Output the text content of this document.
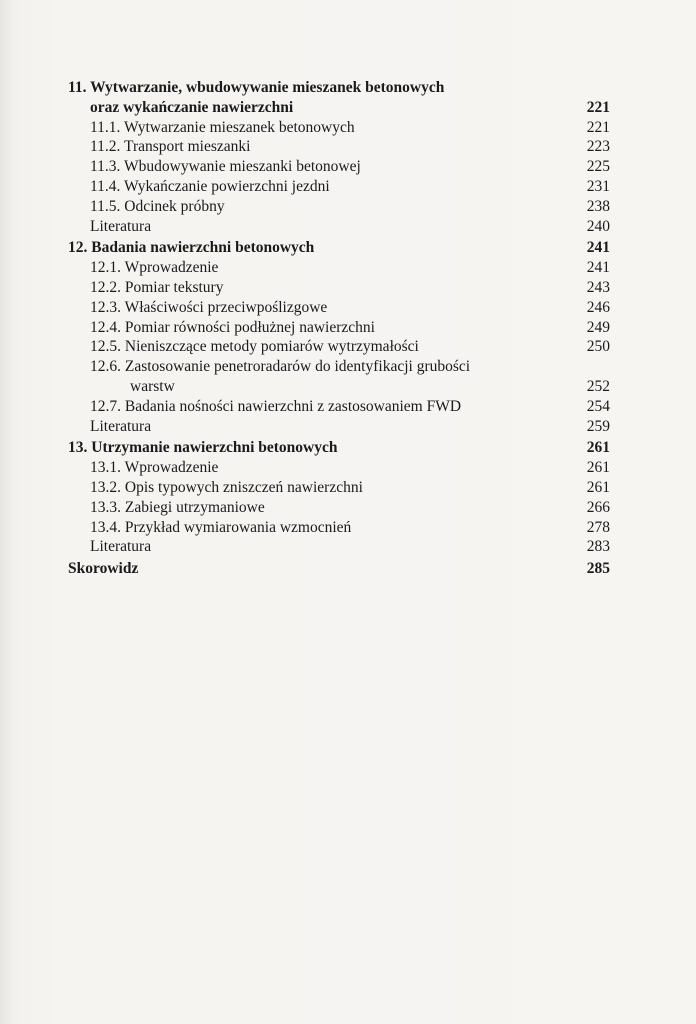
11. Wytwarzanie, wbudowywanie mieszanek betonowych
oraz wykańczanie nawierzchni	221
11.1. Wytwarzanie mieszanek betonowych	221
11.2. Transport mieszanki	223
11.3. Wbudowywanie mieszanki betonowej	225
11.4. Wykańczanie powierzchni jezdni	231
11.5. Odcinek próbny	238
Literatura	240
12. Badania nawierzchni betonowych	241
12.1. Wprowadzenie	241
12.2. Pomiar tekstury	243
12.3. Właściwości przeciwpoślizgowe	246
12.4. Pomiar równości podłużnej nawierzchni	249
12.5. Nieniszczące metody pomiarów wytrzymałości	250
12.6. Zastosowanie penetroradarów do identyfikacji grubości
warstw	252
12.7. Badania nośności nawierzchni z zastosowaniem FWD	254
Literatura	259
13. Utrzymanie nawierzchni betonowych	261
13.1. Wprowadzenie	261
13.2. Opis typowych zniszczeń nawierzchni	261
13.3. Zabiegi utrzymaniowe	266
13.4. Przykład wymiarowania wzmocnień	278
Literatura	283
Skorowidz	285
